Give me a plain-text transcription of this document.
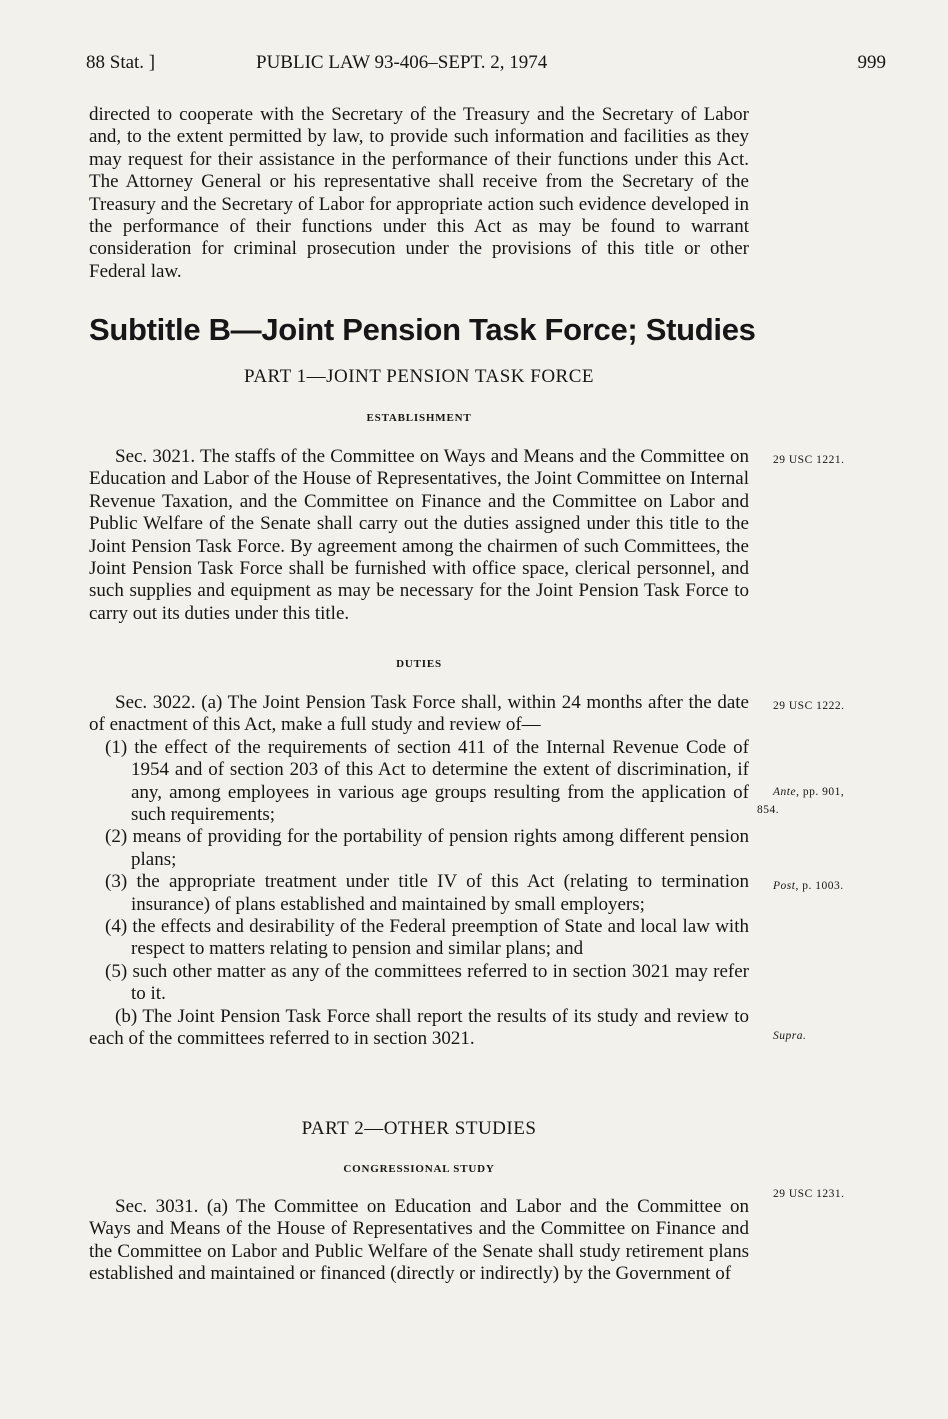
88 Stat. ]	PUBLIC LAW 93-406–SEPT. 2, 1974	999

directed to cooperate with the Secretary of the Treasury and the Secretary of Labor and, to the extent permitted by law, to provide such information and facilities as they may request for their assistance in the performance of their functions under this Act. The Attorney General or his representative shall receive from the Secretary of the Treasury and the Secretary of Labor for appropriate action such evidence developed in the performance of their functions under this Act as may be found to warrant consideration for criminal prosecution under the provisions of this title or other Federal law.

Subtitle B—Joint Pension Task Force; Studies
PART 1—JOINT PENSION TASK FORCE
ESTABLISHMENT

Sec. 3021. The staffs of the Committee on Ways and Means and the Committee on Education and Labor of the House of Representatives, the Joint Committee on Internal Revenue Taxation, and the Committee on Finance and the Committee on Labor and Public Welfare of the Senate shall carry out the duties assigned under this title to the Joint Pension Task Force. By agreement among the chairmen of such Committees, the Joint Pension Task Force shall be furnished with office space, clerical personnel, and such supplies and equipment as may be necessary for the Joint Pension Task Force to carry out its duties under this title.

DUTIES

Sec. 3022. (a) The Joint Pension Task Force shall, within 24 months after the date of enactment of this Act, make a full study and review of—

(1) the effect of the requirements of section 411 of the Internal Revenue Code of 1954 and of section 203 of this Act to determine the extent of discrimination, if any, among employees in various age groups resulting from the application of such requirements;

(2) means of providing for the portability of pension rights among different pension plans;

(3) the appropriate treatment under title IV of this Act (relating to termination insurance) of plans established and maintained by small employers;

(4) the effects and desirability of the Federal preemption of State and local law with respect to matters relating to pension and similar plans; and

(5) such other matter as any of the committees referred to in section 3021 may refer to it.

(b) The Joint Pension Task Force shall report the results of its study and review to each of the committees referred to in section 3021.

PART 2—OTHER STUDIES
CONGRESSIONAL STUDY

Sec. 3031. (a) The Committee on Education and Labor and the Committee on Ways and Means of the House of Representatives and the Committee on Finance and the Committee on Labor and Public Welfare of the Senate shall study retirement plans established and maintained or financed (directly or indirectly) by the Government of

29 USC 1221.
29 USC 1222.
Ante, pp. 901,
854.
Post, p. 1003.
Supra.
29 USC 1231.
